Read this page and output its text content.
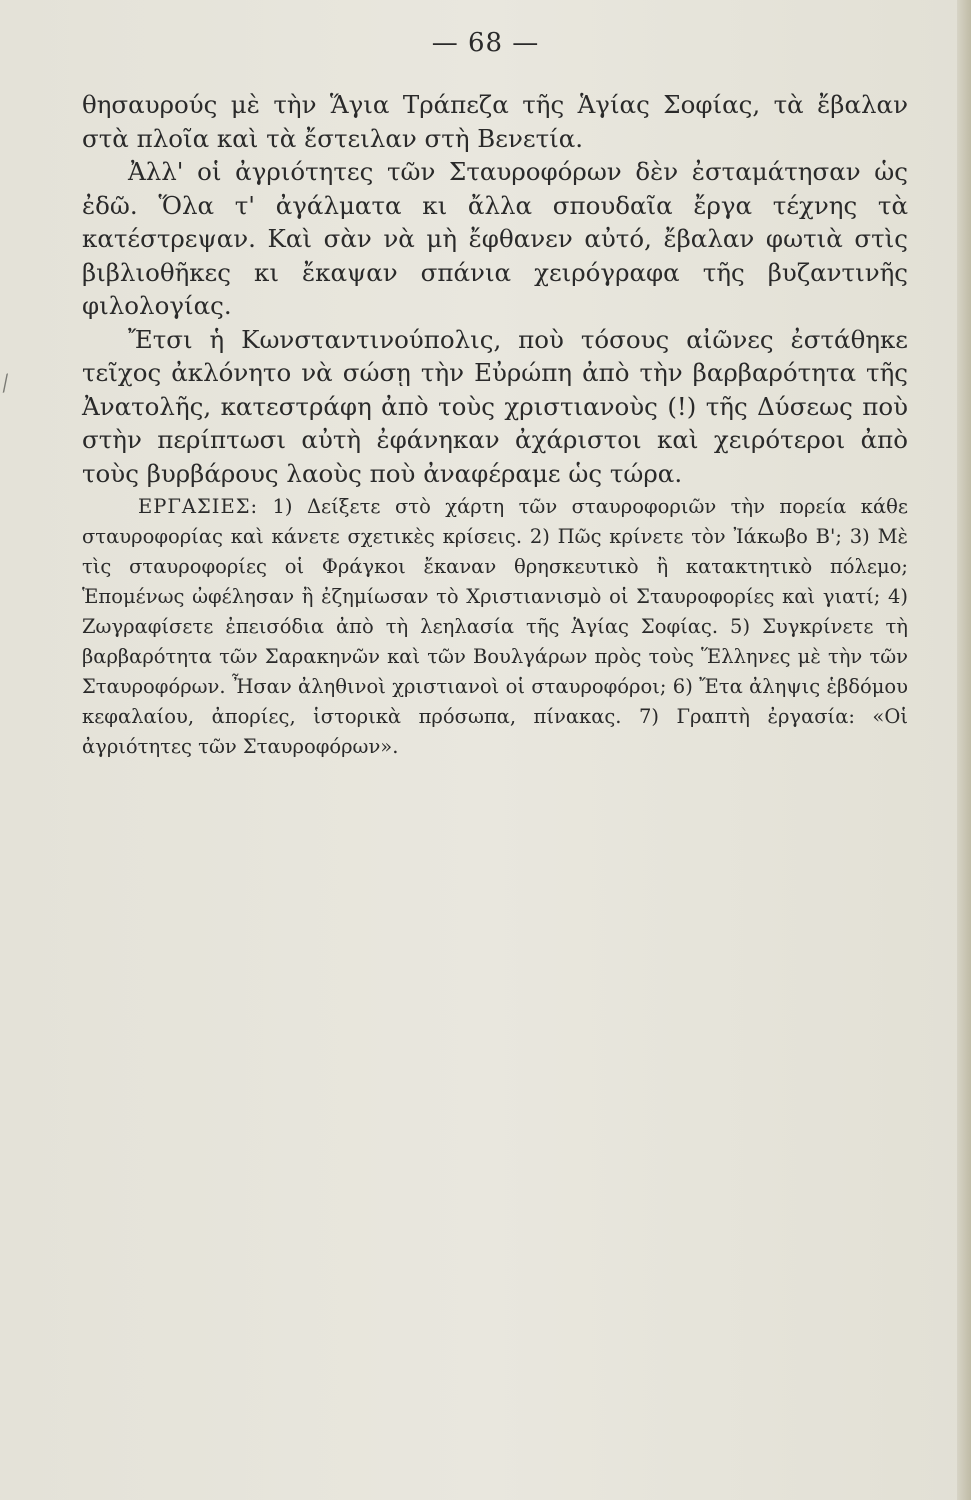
— 68 —
⁄

θησαυρούς μὲ τὴν Ἅγια Τράπεζα τῆς Ἁγίας Σοφίας, τὰ ἔβαλαν στὰ πλοῖα καὶ τὰ ἔστειλαν στὴ Βενετία.

Ἀλλ' οἱ ἀγριότητες τῶν Σταυροφόρων δὲν ἐσταμάτησαν ὡς ἐδῶ. Ὅλα τ' ἀγάλματα κι ἄλλα σπουδαῖα ἔργα τέχνης τὰ κατέστρεψαν. Καὶ σὰν νὰ μὴ ἔφθανεν αὐτό, ἔβαλαν φωτιὰ στὶς βιβλιοθῆκες κι ἔκαψαν σπάνια χειρόγραφα τῆς βυζαντινῆς φιλολογίας.

Ἔτσι ἡ Κωνσταντινούπολις, ποὺ τόσους αἰῶνες ἐστάθηκε τεῖχος ἀκλόνητο νὰ σώσῃ τὴν Εὐρώπη ἀπὸ τὴν βαρβαρότητα τῆς Ἀνατολῆς, κατεστράφη ἀπὸ τοὺς χριστιανοὺς (!) τῆς Δύσεως ποὺ στὴν περίπτωσι αὐτὴ ἐφάνηκαν ἀχάριστοι καὶ χειρότεροι ἀπὸ τοὺς βυρβάρους λαοὺς ποὺ ἀναφέραμε ὡς τώρα.

ΕΡΓΑΣΙΕΣ: 1) Δείξετε στὸ χάρτη τῶν σταυροφοριῶν τὴν πορεία κάθε σταυροφορίας καὶ κάνετε σχετικὲς κρίσεις. 2) Πῶς κρίνετε τὸν Ἰάκωβο Β'; 3) Μὲ τὶς σταυροφορίες οἱ Φράγκοι ἔκαναν θρησκευτικὸ ἢ κατακτητικὸ πόλεμο; Ἑπομένως ὠφέλησαν ἢ ἐζημίωσαν τὸ Χριστιανισμὸ οἱ Σταυροφορίες καὶ γιατί; 4) Ζωγραφίσετε ἐπεισόδια ἀπὸ τὴ λεηλασία τῆς Ἁγίας Σοφίας. 5) Συγκρίνετε τὴ βαρβαρότητα τῶν Σαρακηνῶν καὶ τῶν Βουλγάρων πρὸς τοὺς Ἕλληνες μὲ τὴν τῶν Σταυροφόρων. Ἦσαν ἀληθινοὶ χριστιανοὶ οἱ σταυροφόροι; 6) Ἔτα ἀληψις ἑβδόμου κεφαλαίου, ἀπορίες, ἱστορικὰ πρόσωπα, πίνακας. 7) Γραπτὴ ἐργασία: «Οἱ ἀγριότητες τῶν Σταυροφόρων».
